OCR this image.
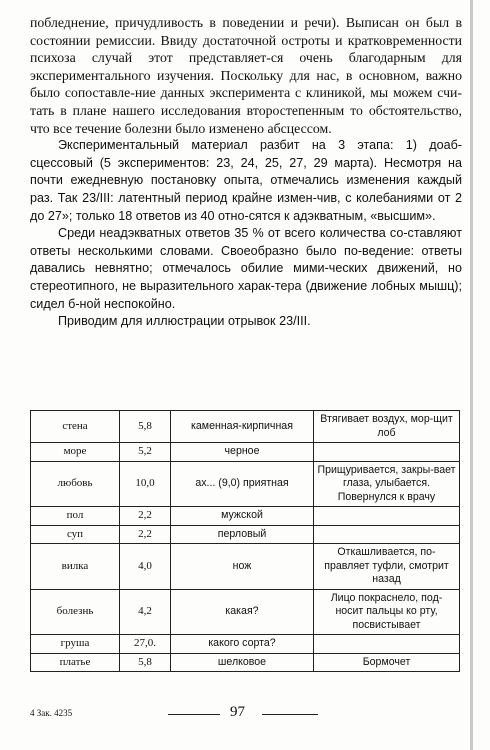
побледнение, причудливость в поведении и речи). Выписан он был в состоянии ремиссии. Ввиду достаточной остроты и кратковременности психоза случай этот представляет-ся очень благодарным для экспериментального изучения. Поскольку для нас, в основном, важно было сопоставле-ние данных эксперимента с клиникой, мы можем счи-тать в плане нашего исследования второстепенным то обстоятельство, что все течение болезни было изменено абсцессом.

Экспериментальный материал разбит на 3 этапа: 1) доаб-сцессовый (5 экспериментов: 23, 24, 25, 27, 29 марта). Несмотря на почти ежедневную постановку опыта, отмечались изменения каждый раз. Так 23/III: латентный период крайне измен-чив, с колебаниями от 2 до 27»; только 18 ответов из 40 отно-сятся к адэкватным, «высшим».

Среди неадэкватных ответов 35 % от всего количества со-ставляют ответы несколькими словами. Своеобразно было по-ведение: ответы давались невнятно; отмечалось обилие мими-ческих движений, но стереотипного, не выразительного харак-тера (движение лобных мышц); сидел б-ной неспокойно.

Приводим для иллюстрации отрывок 23/III.

стена	5,8	каменная-кирпичная	Втягивает воздух, мор-щит лоб
море	5,2	черное	
любовь	10,0	ах... (9,0) приятная	Прищуривается, закры-вает глаза, улыбается. Повернулся к врачу
пол	2,2	мужской	
суп	2,2	перловый	
вилка	4,0	нож	Откашливается, по-правляет туфли, смотрит назад
болезнь	4,2	какая?	Лицо покраснело, под-носит пальцы ко рту, посвистывает
груша	27,0.	какого сорта?	
платье	5,8	шелковое	Бормочет
4 Зак. 4235	97
